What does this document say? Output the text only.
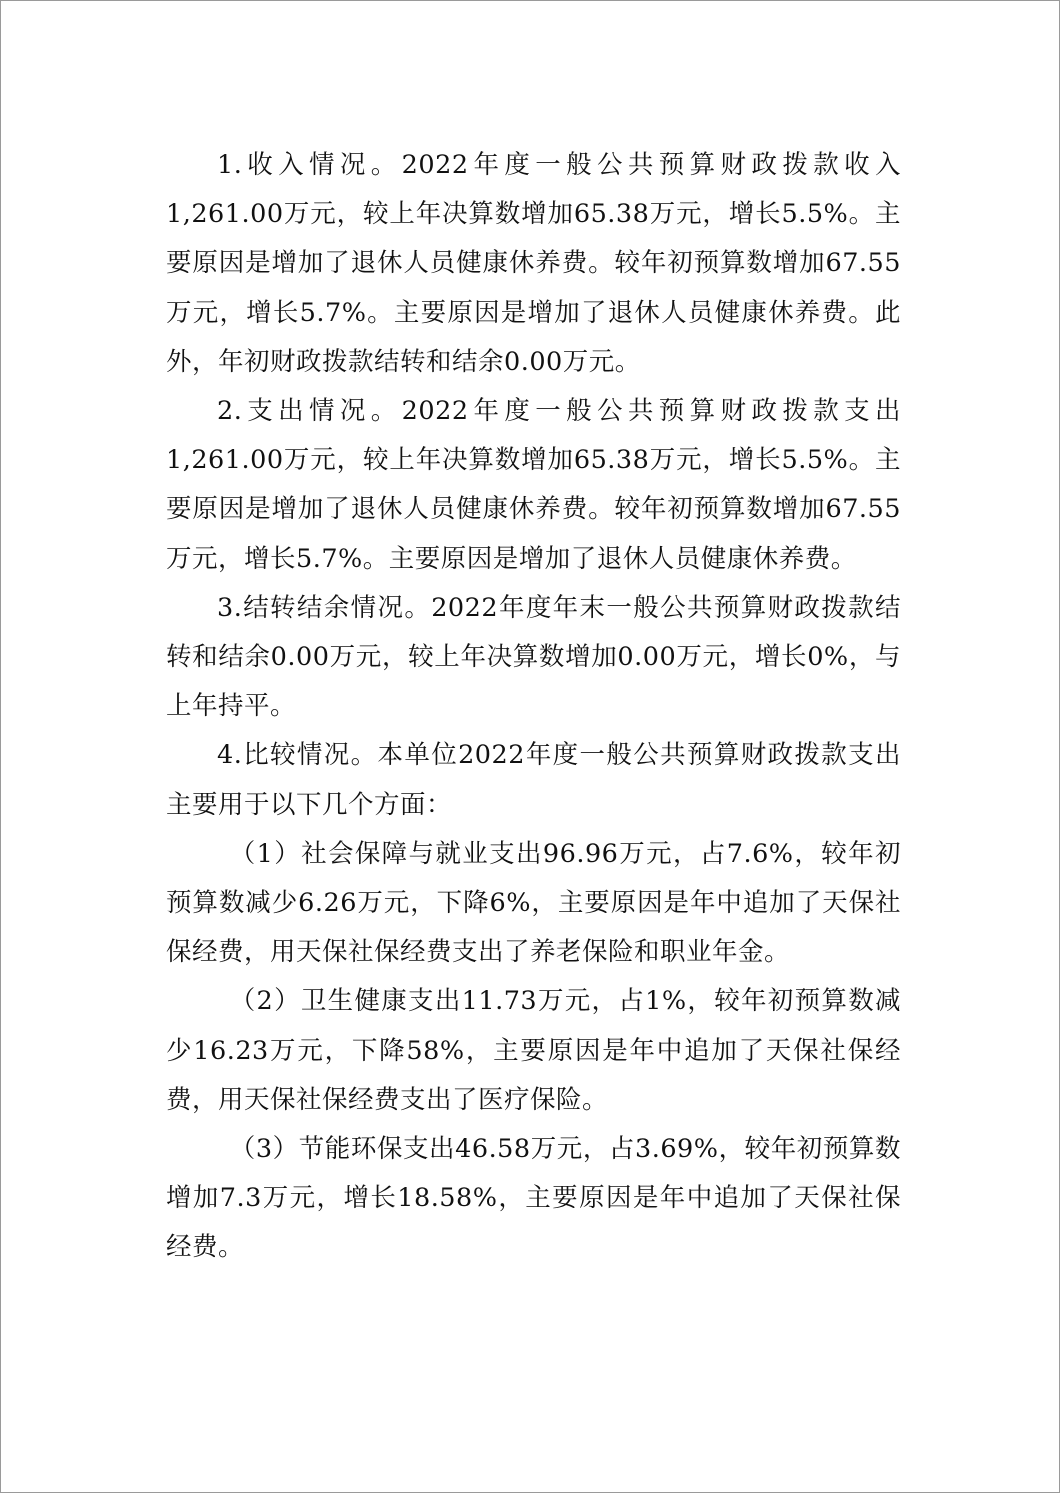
1.收入情况。2022年度一般公共预算财政拨款收入1,261.00万元，较上年决算数增加65.38万元，增长5.5%。主要原因是增加了退休人员健康休养费。较年初预算数增加67.55万元，增长5.7%。主要原因是增加了退休人员健康休养费。此外，年初财政拨款结转和结余0.00万元。

2.支出情况。2022年度一般公共预算财政拨款支出1,261.00万元，较上年决算数增加65.38万元，增长5.5%。主要原因是增加了退休人员健康休养费。较年初预算数增加67.55万元，增长5.7%。主要原因是增加了退休人员健康休养费。

3.结转结余情况。2022年度年末一般公共预算财政拨款结转和结余0.00万元，较上年决算数增加0.00万元，增长0%，与上年持平。

4.比较情况。本单位2022年度一般公共预算财政拨款支出主要用于以下几个方面：

（1）社会保障与就业支出96.96万元，占7.6%，较年初预算数减少6.26万元，下降6%，主要原因是年中追加了天保社保经费，用天保社保经费支出了养老保险和职业年金。

（2）卫生健康支出11.73万元，占1%，较年初预算数减少16.23万元，下降58%，主要原因是年中追加了天保社保经费，用天保社保经费支出了医疗保险。

（3）节能环保支出46.58万元，占3.69%，较年初预算数增加7.3万元，增长18.58%，主要原因是年中追加了天保社保经费。
